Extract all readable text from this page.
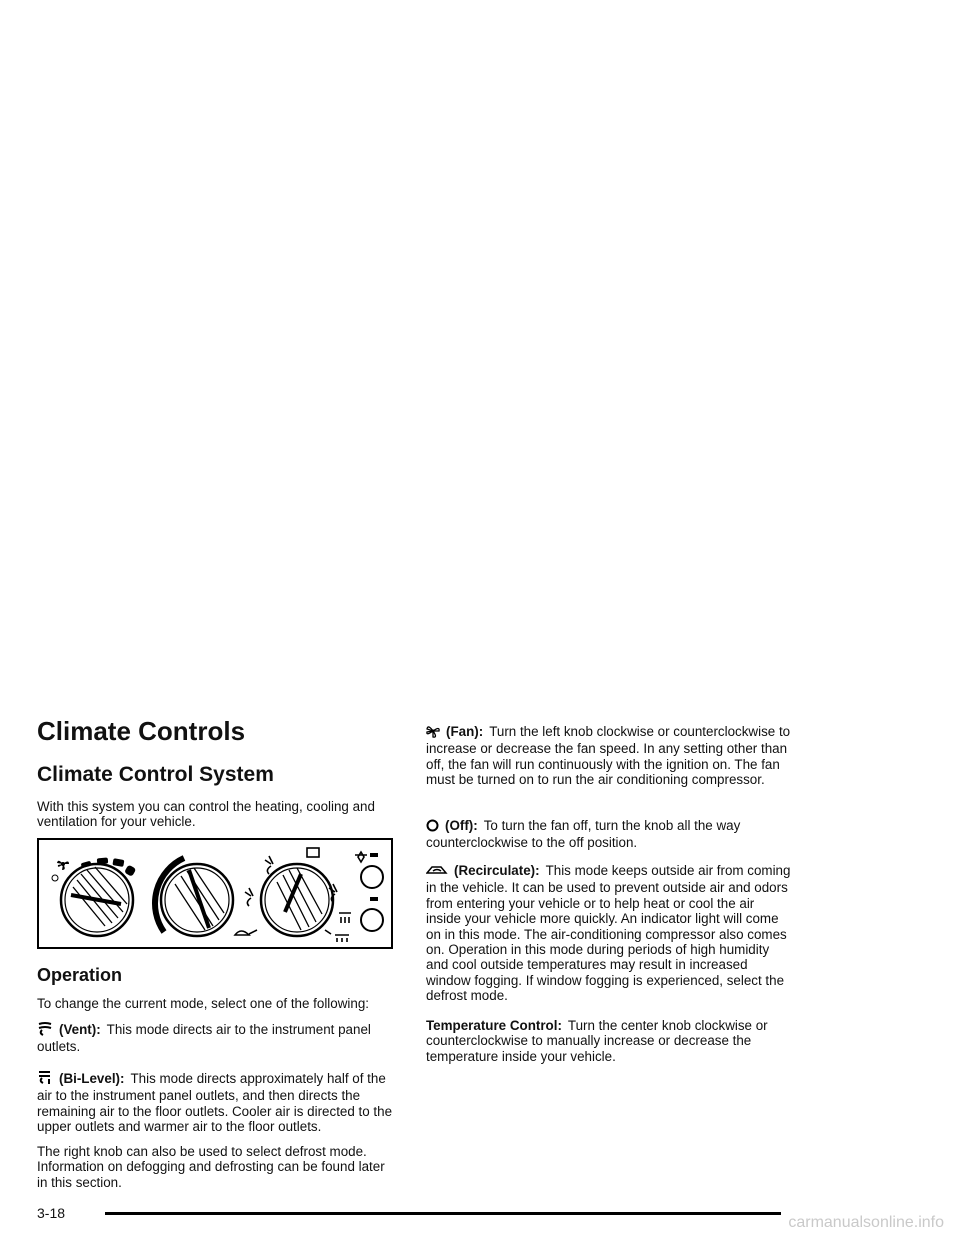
Climate Controls
Climate Control System

With this system you can control the heating, cooling and ventilation for your vehicle.

Operation

To change the current mode, select one of the following:

(Vent): This mode directs air to the instrument panel outlets.

(Bi-Level): This mode directs approximately half of the air to the instrument panel outlets, and then directs the remaining air to the floor outlets. Cooler air is directed to the upper outlets and warmer air to the floor outlets.

The right knob can also be used to select defrost mode. Information on defogging and defrosting can be found later in this section.

(Fan): Turn the left knob clockwise or counterclockwise to increase or decrease the fan speed. In any setting other than off, the fan will run continuously with the ignition on. The fan must be turned on to run the air conditioning compressor.

(Off): To turn the fan off, turn the knob all the way counterclockwise to the off position.

(Recirculate): This mode keeps outside air from coming in the vehicle. It can be used to prevent outside air and odors from entering your vehicle or to help heat or cool the air inside your vehicle more quickly. An indicator light will come on in this mode. The air-conditioning compressor also comes on. Operation in this mode during periods of high humidity and cool outside temperatures may result in increased window fogging. If window fogging is experienced, select the defrost mode.

Temperature Control: Turn the center knob clockwise or counterclockwise to manually increase or decrease the temperature inside your vehicle.

3-18
carmanualsonline.info
